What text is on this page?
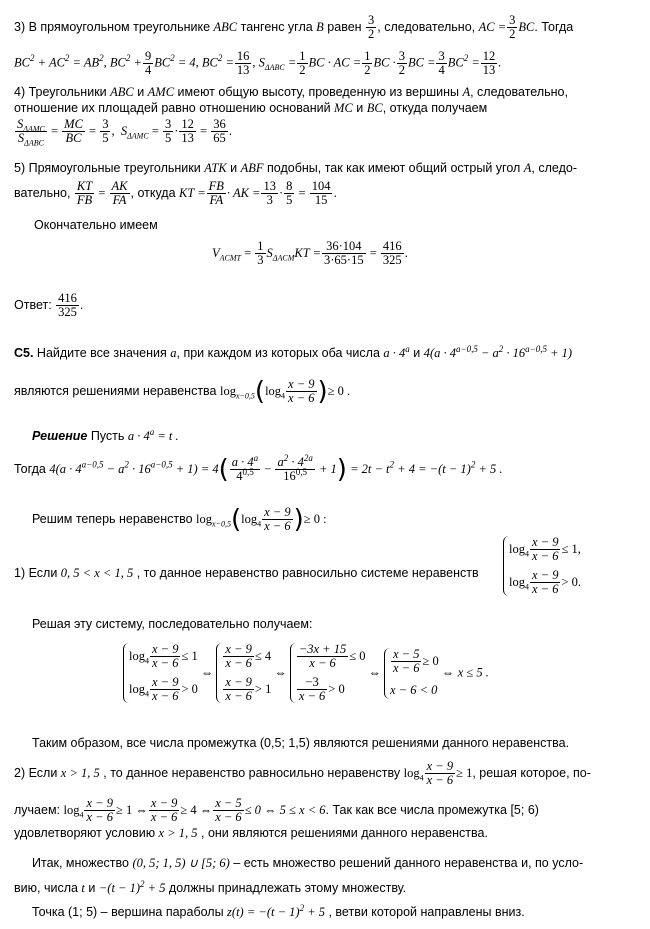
3) В прямоугольном треугольнике ABC тангенс угла B равен $\frac{3}{2}$ , следовательно, AC = $\frac{3}{2}$ BC. Тогда
$BC^2 + AC^2 = AB^2$, $BC^2 + \frac{9}{4} BC^2 = 4$, $BC^2 = \frac{16}{13}$ , $S_{\Delta ABC} = \frac{1}{2}$ BC · AC = $\frac{1}{2}$ BC · $\frac{3}{2}$ BC = $\frac{3}{4} BC^2 = \frac{12}{13}$ .
4) Треугольники ABC и AMC имеют общую высоту, проведенную из вершины A, следовательно,
отношение их площадей равно отношению оснований MC и BC, откуда получаем
$\frac{S_{\Delta AMC}}{S_{\Delta ABC}} = \frac{MC}{BC} = \frac{3}{5}$ ,  $S_{\Delta AMC} = \frac{3}{5} \cdot \frac{12}{13} = \frac{36}{65}$ .
5) Прямоугольные треугольники ATK и ABF подобны, так как имеют общий острый угол A, следо-
вательно, $\frac{KT}{FB} = \frac{AK}{FA}$ , откуда KT = $\frac{FB}{FA}$ · AK = $\frac{13}{3} \cdot \frac{8}{5} = \frac{104}{15}$ .
Окончательно имеем
$V_{ACMT} = \frac{1}{3} S_{\Delta ACM}KT = \frac{36\cdot 104}{3\cdot 65\cdot 15} = \frac{416}{325}$ .
Ответ: $\frac{416}{325}$ .
С5. Найдите все значения a, при каждом из которых оба числа $a \cdot 4^a$ и $4(a \cdot 4^{a-0,5} - a^2 \cdot 16^{a-0,5} + 1)$
являются решениями неравенства $\log_{x-0,5}(\log_4 \frac{x - 9}{x - 6}$ )≥ 0 .
Решение Пусть $a \cdot 4^a = t$ .
Тогда $4(a \cdot 4^{a-0,5} - a^2 \cdot 16^{a-0,5} + 1) = 4( \frac{a \cdot 4^a}{4^{0,5}} - \frac{a^2 \cdot 4^{2a}}{16^{0,5}} + 1) = 2t - t^2 + 4 = -(t - 1)^2 + 5$ .
Решим теперь неравенство $\log_{x-0,5}(\log_4 \frac{x - 9}{x - 6}$ )≥ 0 :
1) Если 0, 5 < x < 1, 5 , то данное неравенство равносильно системе неравенств
$\log_4 \frac{x - 9}{x - 6} \le 1$,
$\log_4 \frac{x - 9}{x - 6} > 0$.
Решая эту систему, последовательно получаем:
$\log_4 \frac{x - 9}{x - 6} \le 1$
$\log_4 \frac{x - 9}{x - 6} > 0$
⇔
$\frac{x - 9}{x - 6} \le 4$
$\frac{x - 9}{x - 6} > 1$
⇔
$\frac{-3x + 15}{x - 6} \le 0$
$\frac{-3}{x - 6} > 0$
⇔ $\frac{x - 5}{x - 6} \ge 0$
x − 6 < 0
⇔ x ≤ 5 .
Таким образом, все числа промежутка (0,5; 1,5) являются решениями данного неравенства.
2) Если x > 1, 5 , то данное неравенство равносильно неравенству $\log_4 \frac{x - 9}{x - 6} \ge 1$, решая которое, по-
лучаем: $\log_4 \frac{x - 9}{x - 6} \ge 1$ ⇔ $\frac{x - 9}{x - 6} \ge 4$ ⇔ $\frac{x - 5}{x - 6} \le 0$ ⇔ 5 ≤ x < 6. Так как все числа промежутка [5; 6)
удовлетворяют условию x > 1, 5 , они являются решениями данного неравенства.
Итак, множество (0, 5; 1, 5) ∪ [5; 6) – есть множество решений данного неравенства и, по усло-
вию, числа t $и -(t - 1)^2 + 5$ должны принадлежать этому множеству.
Точка (1; 5) – вершина параболы $z(t) = -(t - 1)^2 + 5$ , ветви которой направлены вниз.
